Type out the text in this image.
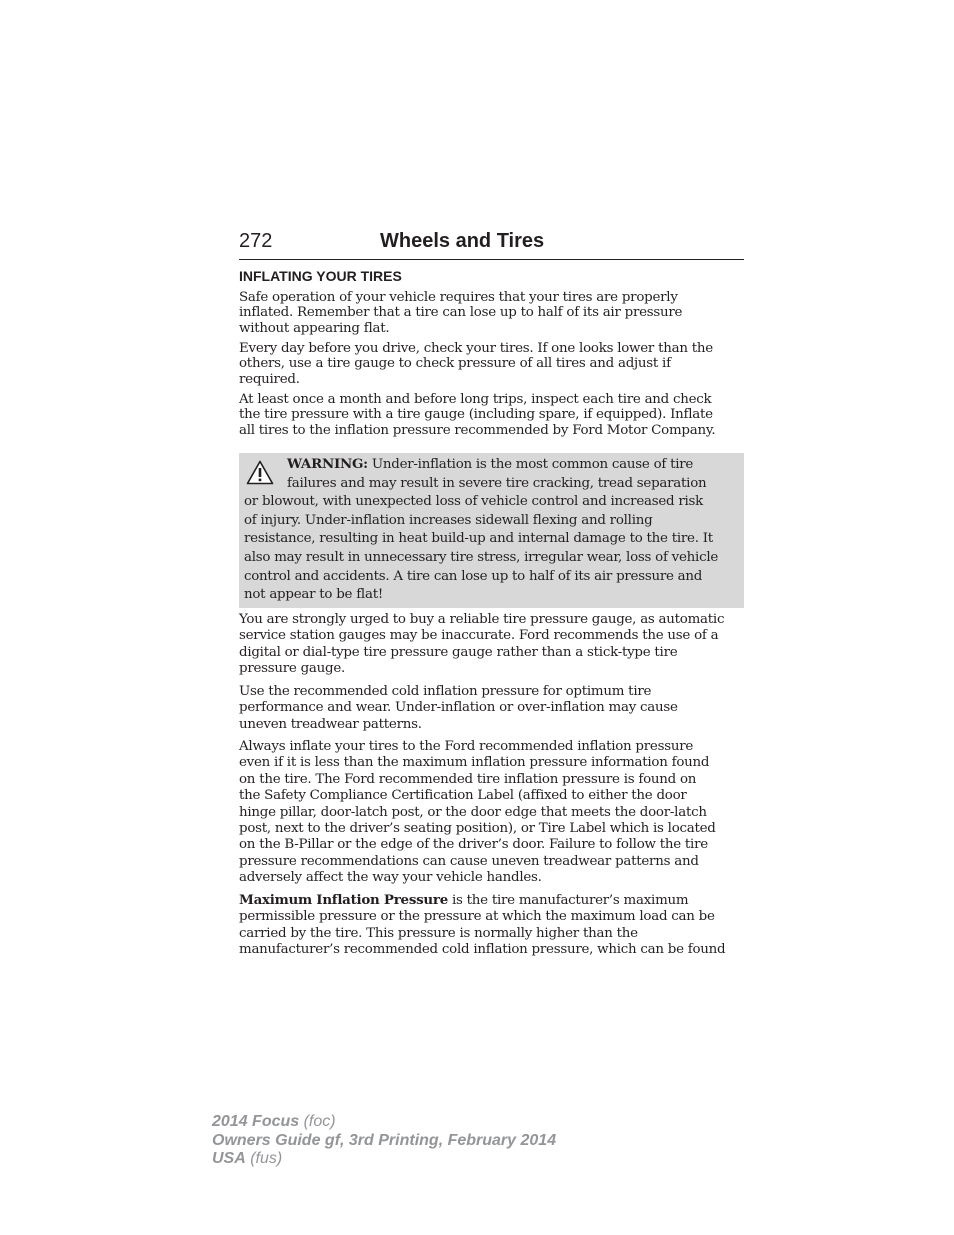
272	Wheels and Tires
INFLATING YOUR TIRES

Safe operation of your vehicle requires that your tires are properly
inflated. Remember that a tire can lose up to half of its air pressure
without appearing flat.

Every day before you drive, check your tires. If one looks lower than the
others, use a tire gauge to check pressure of all tires and adjust if
required.

At least once a month and before long trips, inspect each tire and check
the tire pressure with a tire gauge (including spare, if equipped). Inflate
all tires to the inflation pressure recommended by Ford Motor Company.

WARNING: Under-inflation is the most common cause of tire
failures and may result in severe tire cracking, tread separation
or blowout, with unexpected loss of vehicle control and increased risk
of injury. Under-inflation increases sidewall flexing and rolling
resistance, resulting in heat build-up and internal damage to the tire. It
also may result in unnecessary tire stress, irregular wear, loss of vehicle
control and accidents. A tire can lose up to half of its air pressure and
not appear to be flat!

You are strongly urged to buy a reliable tire pressure gauge, as automatic
service station gauges may be inaccurate. Ford recommends the use of a
digital or dial-type tire pressure gauge rather than a stick-type tire
pressure gauge.

Use the recommended cold inflation pressure for optimum tire
performance and wear. Under-inflation or over-inflation may cause
uneven treadwear patterns.

Always inflate your tires to the Ford recommended inflation pressure
even if it is less than the maximum inflation pressure information found
on the tire. The Ford recommended tire inflation pressure is found on
the Safety Compliance Certification Label (affixed to either the door
hinge pillar, door-latch post, or the door edge that meets the door-latch
post, next to the driver’s seating position), or Tire Label which is located
on the B-Pillar or the edge of the driver’s door. Failure to follow the tire
pressure recommendations can cause uneven treadwear patterns and
adversely affect the way your vehicle handles.

Maximum Inflation Pressure is the tire manufacturer’s maximum
permissible pressure or the pressure at which the maximum load can be
carried by the tire. This pressure is normally higher than the
manufacturer’s recommended cold inflation pressure, which can be found

2014 Focus (foc)
Owners Guide gf, 3rd Printing, February 2014
USA (fus)
